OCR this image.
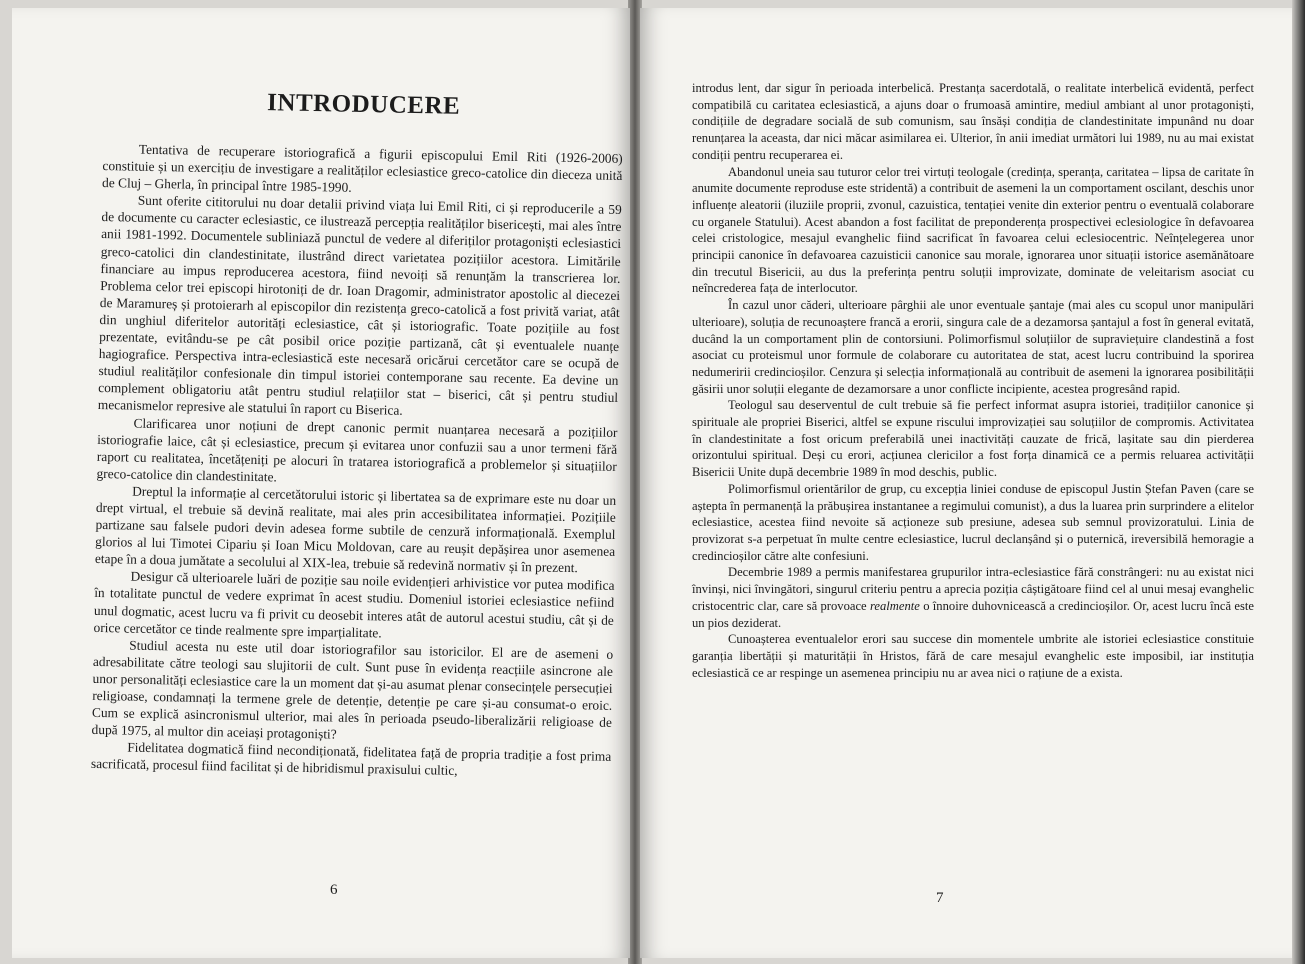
INTRODUCERE

Tentativa de recuperare istoriografică a figurii episcopului Emil Riti (1926-2006) constituie și un exercițiu de investigare a realităților eclesiastice greco-catolice din dieceza unită de Cluj – Gherla, în principal între 1985-1990.

Sunt oferite cititorului nu doar detalii privind viața lui Emil Riti, ci și reproducerile a 59 de documente cu caracter eclesiastic, ce ilustrează percepția realităților bisericești, mai ales între anii 1981-1992. Documentele subliniază punctul de vedere al diferiților protagoniști eclesiastici greco-catolici din clandestinitate, ilustrând direct varietatea pozițiilor acestora. Limitările financiare au impus reproducerea acestora, fiind nevoiți să renunțăm la transcrierea lor. Problema celor trei episcopi hirotoniți de dr. Ioan Dragomir, administrator apostolic al diecezei de Maramureș și protoierarh al episcopilor din rezistența greco-catolică a fost privită variat, atât din unghiul diferitelor autorități eclesiastice, cât și istoriografic. Toate pozițiile au fost prezentate, evitându-se pe cât posibil orice poziție partizană, cât și eventualele nuanțe hagiografice. Perspectiva intra-eclesiastică este necesară oricărui cercetător care se ocupă de studiul realităților confesionale din timpul istoriei contemporane sau recente. Ea devine un complement obligatoriu atât pentru studiul relațiilor stat – biserici, cât și pentru studiul mecanismelor represive ale statului în raport cu Biserica.

Clarificarea unor noțiuni de drept canonic permit nuanțarea necesară a pozițiilor istoriografie laice, cât și eclesiastice, precum și evitarea unor confuzii sau a unor termeni fără raport cu realitatea, încetățeniți pe alocuri în tratarea istoriografică a problemelor și situațiilor greco-catolice din clandestinitate.

Dreptul la informație al cercetătorului istoric și libertatea sa de exprimare este nu doar un drept virtual, el trebuie să devină realitate, mai ales prin accesibilitatea informației. Pozițiile partizane sau falsele pudori devin adesea forme subtile de cenzură informațională. Exemplul glorios al lui Timotei Cipariu și Ioan Micu Moldovan, care au reușit depășirea unor asemenea etape în a doua jumătate a secolului al XIX-lea, trebuie să redevină normativ și în prezent.

Desigur că ulterioarele luări de poziție sau noile evidențieri arhivistice vor putea modifica în totalitate punctul de vedere exprimat în acest studiu. Domeniul istoriei eclesiastice nefiind unul dogmatic, acest lucru va fi privit cu deosebit interes atât de autorul acestui studiu, cât și de orice cercetător ce tinde realmente spre imparțialitate.

Studiul acesta nu este util doar istoriografilor sau istoricilor. El are de asemeni o adresabilitate către teologi sau slujitorii de cult. Sunt puse în evidența reacțiile asincrone ale unor personalități eclesiastice care la un moment dat și-au asumat plenar consecințele persecuției religioase, condamnați la termene grele de detenție, detenție pe care și-au consumat-o eroic. Cum se explică asincronismul ulterior, mai ales în perioada pseudo-liberalizării religioase de după 1975, al multor din aceiași protagoniști?

Fidelitatea dogmatică fiind necondiționată, fidelitatea față de propria tradiție a fost prima sacrificată, procesul fiind facilitat și de hibridismul praxisului cultic,

6

introdus lent, dar sigur în perioada interbelică. Prestanța sacerdotală, o realitate interbelică evidentă, perfect compatibilă cu caritatea eclesiastică, a ajuns doar o frumoasă amintire, mediul ambiant al unor protagoniști, condițiile de degradare socială de sub comunism, sau însăși condiția de clandestinitate impunând nu doar renunțarea la aceasta, dar nici măcar asimilarea ei. Ulterior, în anii imediat următori lui 1989, nu au mai existat condiții pentru recuperarea ei.

Abandonul uneia sau tuturor celor trei virtuți teologale (credința, speranța, caritatea – lipsa de caritate în anumite documente reproduse este stridentă) a contribuit de asemeni la un comportament oscilant, deschis unor influențe aleatorii (iluziile proprii, zvonul, cazuistica, tentației venite din exterior pentru o eventuală colaborare cu organele Statului). Acest abandon a fost facilitat de preponderența prospectivei eclesiologice în defavoarea celei cristologice, mesajul evanghelic fiind sacrificat în favoarea celui eclesiocentric. Neînțelegerea unor principii canonice în defavoarea cazuisticii canonice sau morale, ignorarea unor situații istorice asemănătoare din trecutul Bisericii, au dus la preferința pentru soluții improvizate, dominate de veleitarism asociat cu neîncrederea fața de interlocutor.

În cazul unor căderi, ulterioare pârghii ale unor eventuale șantaje (mai ales cu scopul unor manipulări ulterioare), soluția de recunoaștere francă a erorii, singura cale de a dezamorsa șantajul a fost în general evitată, ducând la un comportament plin de contorsiuni. Polimorfismul soluțiilor de supraviețuire clandestină a fost asociat cu proteismul unor formule de colaborare cu autoritatea de stat, acest lucru contribuind la sporirea nedumeririi credincioșilor. Cenzura și selecția informațională au contribuit de asemeni la ignorarea posibilității găsirii unor soluții elegante de dezamorsare a unor conflicte incipiente, acestea progresând rapid.

Teologul sau deserventul de cult trebuie să fie perfect informat asupra istoriei, tradițiilor canonice și spirituale ale propriei Biserici, altfel se expune riscului improvizației sau soluțiilor de compromis. Activitatea în clandestinitate a fost oricum preferabilă unei inactivități cauzate de frică, lașitate sau din pierderea orizontului spiritual. Deși cu erori, acțiunea clericilor a fost forța dinamică ce a permis reluarea activității Bisericii Unite după decembrie 1989 în mod deschis, public.

Polimorfismul orientărilor de grup, cu excepția liniei conduse de episcopul Justin Ștefan Paven (care se aștepta în permanență la prăbușirea instantanee a regimului comunist), a dus la luarea prin surprindere a elitelor eclesiastice, acestea fiind nevoite să acționeze sub presiune, adesea sub semnul provizoratului. Linia de provizorat s-a perpetuat în multe centre eclesiastice, lucrul declanșând și o puternică, ireversibilă hemoragie a credincioșilor către alte confesiuni.

Decembrie 1989 a permis manifestarea grupurilor intra-eclesiastice fără constrângeri: nu au existat nici învinși, nici învingători, singurul criteriu pentru a aprecia poziția câștigătoare fiind cel al unui mesaj evanghelic cristocentric clar, care să provoace realmente o înnoire duhovnicească a credincioșilor. Or, acest lucru încă este un pios deziderat.

Cunoașterea eventualelor erori sau succese din momentele umbrite ale istoriei eclesiastice constituie garanția libertății și maturității în Hristos, fără de care mesajul evanghelic este imposibil, iar instituția eclesiastică ce ar respinge un asemenea principiu nu ar avea nici o rațiune de a exista.

7
